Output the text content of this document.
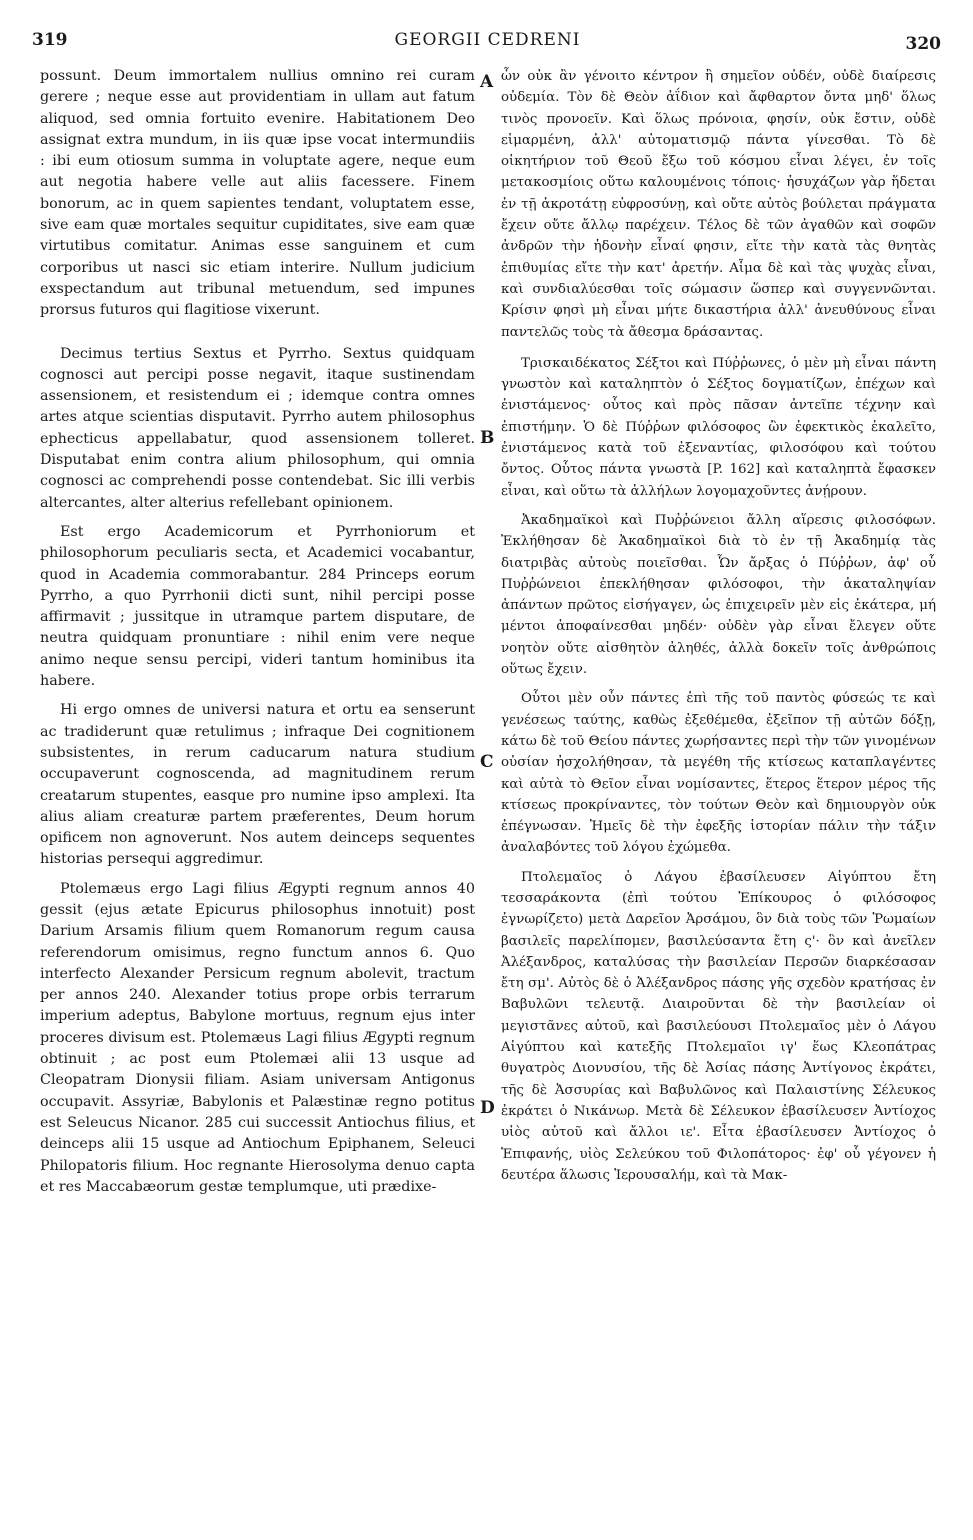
319	GEORGII CEDRENI	320
A
B
C
D

possunt. Deum immortalem nullius omnino rei curam gerere ; neque esse aut providentiam in ullam aut fatum aliquod, sed omnia fortuito evenire. Habitationem Deo assignat extra mundum, in iis quæ ipse vocat intermundiis : ibi eum otiosum summa in voluptate agere, neque eum aut negotia habere velle aut aliis facessere. Finem bonorum, ac in quem sapientes tendant, voluptatem esse, sive eam quæ mortales sequitur cupiditates, sive eam quæ virtutibus comitatur. Animas esse sanguinem et cum corporibus ut nasci sic etiam interire. Nullum judicium exspectandum aut tribunal metuendum, sed impunes prorsus futuros qui flagitiose vixerunt.

Decimus tertius Sextus et Pyrrho. Sextus quidquam cognosci aut percipi posse negavit, itaque sustinendam assensionem, et resistendum ei ; idemque contra omnes artes atque scientias disputavit. Pyrrho autem philosophus ephecticus appellabatur, quod assensionem tolleret. Disputabat enim contra alium philosophum, qui omnia cognosci ac comprehendi posse contendebat. Sic illi verbis altercantes, alter alterius refellebant opinionem.

Est ergo Academicorum et Pyrrhoniorum et philosophorum peculiaris secta, et Academici vocabantur, quod in Academia commorabantur. 284 Princeps eorum Pyrrho, a quo Pyrrhonii dicti sunt, nihil percipi posse affirmavit ; jussitque in utramque partem disputare, de neutra quidquam pronuntiare : nihil enim vere neque animo neque sensu percipi, videri tantum hominibus ita habere.

Hi ergo omnes de universi natura et ortu ea senserunt ac tradiderunt quæ retulimus ; infraque Dei cognitionem subsistentes, in rerum caducarum natura studium occupaverunt cognoscenda, ad magnitudinem rerum creatarum stupentes, easque pro numine ipso amplexi. Ita alius aliam creaturæ partem præferentes, Deum horum opificem non agnoverunt. Nos autem deinceps sequentes historias persequi aggredimur.

Ptolemæus ergo Lagi filius Ægypti regnum annos 40 gessit (ejus ætate Epicurus philosophus innotuit) post Darium Arsamis filium quem Romanorum regum causa referendorum omisimus, regno functum annos 6. Quo interfecto Alexander Persicum regnum abolevit, tractum per annos 240. Alexander totius prope orbis terrarum imperium adeptus, Babylone mortuus, regnum ejus inter proceres divisum est. Ptolemæus Lagi filius Ægypti regnum obtinuit ; ac post eum Ptolemæi alii 13 usque ad Cleopatram Dionysii filiam. Asiam universam Antigonus occupavit. Assyriæ, Babylonis et Palæstinæ regno potitus est Seleucus Nicanor. 285 cui successit Antiochus filius, et deinceps alii 15 usque ad Antiochum Epiphanem, Seleuci Philopatoris filium. Hoc regnante Hierosolyma denuo capta et res Maccabæorum gestæ templumque, uti prædixe-

ὧν οὐκ ἂν γένοιτο κέντρον ἢ σημεῖον οὐδέν, οὐδὲ διαίρεσις οὐδεμία. Τὸν δὲ Θεὸν ἀΐδιον καὶ ἄφθαρτον ὄντα μηδ' ὅλως τινὸς προνοεῖν. Καὶ ὅλως πρόνοια, φησίν, οὐκ ἔστιν, οὐδὲ εἱμαρμένη, ἀλλ' αὐτοματισμῷ πάντα γίνεσθαι. Τὸ δὲ οἰκητήριον τοῦ Θεοῦ ἔξω τοῦ κόσμου εἶναι λέγει, ἐν τοῖς μετακοσμίοις οὕτω καλουμένοις τόποις· ἡσυχάζων γὰρ ἥδεται ἐν τῇ ἀκροτάτῃ εὐφροσύνῃ, καὶ οὔτε αὐτὸς βούλεται πράγματα ἔχειν οὔτε ἄλλῳ παρέχειν. Τέλος δὲ τῶν ἀγαθῶν καὶ σοφῶν ἀνδρῶν τὴν ἡδονὴν εἶναί φησιν, εἴτε τὴν κατὰ τὰς θνητὰς ἐπιθυμίας εἴτε τὴν κατ' ἀρετήν. Αἷμα δὲ καὶ τὰς ψυχὰς εἶναι, καὶ συνδιαλύεσθαι τοῖς σώμασιν ὥσπερ καὶ συγγεννῶνται. Κρίσιν φησὶ μὴ εἶναι μήτε δικαστήρια ἀλλ' ἀνευθύνους εἶναι παντελῶς τοὺς τὰ ἄθεσμα δράσαντας.

Τρισκαιδέκατος Σέξτοι καὶ Πύῤῥωνες, ὁ μὲν μὴ εἶναι πάντη γνωστὸν καὶ καταληπτὸν ὁ Σέξτος δογματίζων, ἐπέχων καὶ ἐνιστάμενος· οὗτος καὶ πρὸς πᾶσαν ἀντεῖπε τέχνην καὶ ἐπιστήμην. Ὁ δὲ Πύῤῥων φιλόσοφος ὢν ἐφεκτικὸς ἐκαλεῖτο, ἐνιστάμενος κατὰ τοῦ ἐξεναντίας, φιλοσόφου καὶ τούτου ὄντος. Οὗτος πάντα γνωστὰ [P. 162] καὶ καταληπτὰ ἔφασκεν εἶναι, καὶ οὕτω τὰ ἀλλήλων λογομαχοῦντες ἀνῄρουν.

Ἀκαδημαϊκοὶ καὶ Πυῤῥώνειοι ἄλλη αἵρεσις φιλοσόφων. Ἐκλήθησαν δὲ Ἀκαδημαϊκοὶ διὰ τὸ ἐν τῇ Ἀκαδημίᾳ τὰς διατριβὰς αὐτοὺς ποιεῖσθαι. Ὧν ἄρξας ὁ Πύῤῥων, ἀφ' οὗ Πυῤῥώνειοι ἐπεκλήθησαν φιλόσοφοι, τὴν ἀκαταληψίαν ἁπάντων πρῶτος εἰσήγαγεν, ὡς ἐπιχειρεῖν μὲν εἰς ἑκάτερα, μή μέντοι ἀποφαίνεσθαι μηδέν· οὐδὲν γὰρ εἶναι ἔλεγεν οὔτε νοητὸν οὔτε αἰσθητὸν ἀληθές, ἀλλὰ δοκεῖν τοῖς ἀνθρώποις οὕτως ἔχειν.

Οὗτοι μὲν οὖν πάντες ἐπὶ τῆς τοῦ παντὸς φύσεώς τε καὶ γενέσεως ταύτης, καθὼς ἐξεθέμεθα, ἐξεῖπον τῇ αὐτῶν δόξῃ, κάτω δὲ τοῦ Θείου πάντες χωρήσαντες περὶ τὴν τῶν γινομένων οὐσίαν ἠσχολήθησαν, τὰ μεγέθη τῆς κτίσεως καταπλαγέντες καὶ αὐτὰ τὸ Θεῖον εἶναι νομίσαντες, ἕτερος ἕτερον μέρος τῆς κτίσεως προκρίναντες, τὸν τούτων Θεὸν καὶ δημιουργὸν οὐκ ἐπέγνωσαν. Ἡμεῖς δὲ τὴν ἐφεξῆς ἱστορίαν πάλιν τὴν τάξιν ἀναλαβόντες τοῦ λόγου ἐχώμεθα.

Πτολεμαῖος ὁ Λάγου ἐβασίλευσεν Αἰγύπτου ἔτη τεσσαράκοντα (ἐπὶ τούτου Ἐπίκουρος ὁ φιλόσοφος ἐγνωρίζετο) μετὰ Δαρεῖον Ἀρσάμου, ὃν διὰ τοὺς τῶν Ῥωμαίων βασιλεῖς παρελίπομεν, βασιλεύσαντα ἔτη ς'· ὃν καὶ ἀνεῖλεν Ἀλέξανδρος, καταλύσας τὴν βασιλείαν Περσῶν διαρκέσασαν ἔτη σμ'. Αὐτὸς δὲ ὁ Ἀλέξανδρος πάσης γῆς σχεδὸν κρατήσας ἐν Βαβυλῶνι τελευτᾷ. Διαιροῦνται δὲ τὴν βασιλείαν οἱ μεγιστᾶνες αὐτοῦ, καὶ βασιλεύουσι Πτολεμαῖος μὲν ὁ Λάγου Αἰγύπτου καὶ κατεξῆς Πτολεμαῖοι ιγ' ἕως Κλεοπάτρας θυγατρὸς Διονυσίου, τῆς δὲ Ἀσίας πάσης Ἀντίγονος ἐκράτει, τῆς δὲ Ἀσσυρίας καὶ Βαβυλῶνος καὶ Παλαιστίνης Σέλευκος ἐκράτει ὁ Νικάνωρ. Μετὰ δὲ Σέλευκον ἐβασίλευσεν Ἀντίοχος υἱὸς αὐτοῦ καὶ ἄλλοι ιε'. Εἶτα ἐβασίλευσεν Ἀντίοχος ὁ Ἐπιφανής, υἱὸς Σελεύκου τοῦ Φιλοπάτορος· ἐφ' οὗ γέγονεν ἡ δευτέρα ἅλωσις Ἱερουσαλήμ, καὶ τὰ Μακ-
